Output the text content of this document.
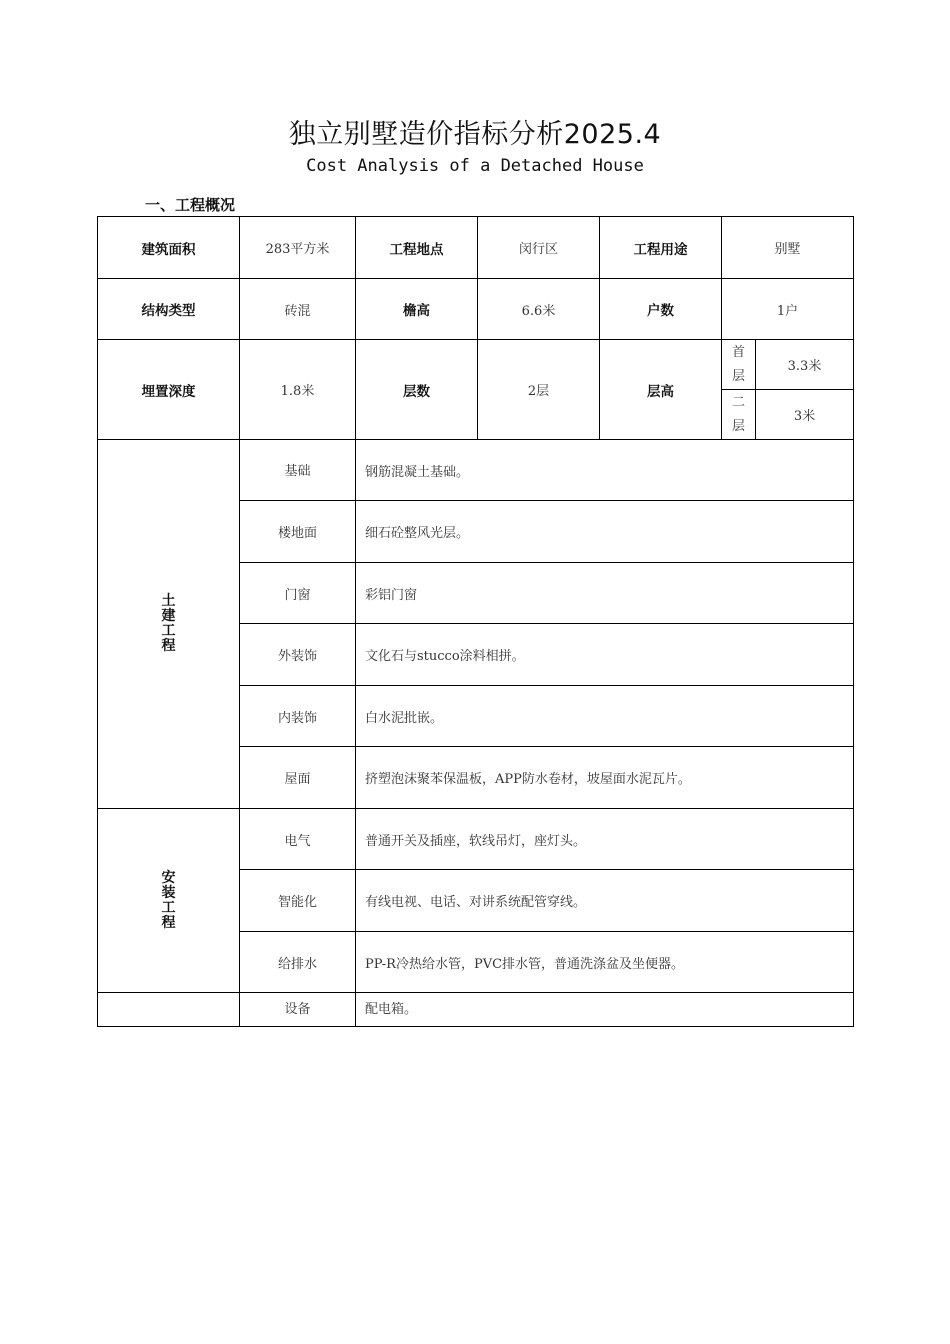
独立别墅造价指标分析2025.4
Cost Analysis of a Detached House
一、工程概况
建筑面积	283平方米	工程地点	闵行区	工程用途	别墅	
结构类型	砖混	檐高	6.6米	户数	1户	
埋置深度	1.8米	层数	2层	层高	首层	3.3米
					二层	3米
土建工程	基础	钢筋混凝土基础。				
	楼地面	细石砼整风光层。				
	门窗	彩铝门窗				
	外装饰	文化石与stucco涂料相拼。				
	内装饰	白水泥批嵌。				
	屋面	挤塑泡沫聚苯保温板，APP防水卷材，坡屋面水泥瓦片。				
安装工程	电气	普通开关及插座，软线吊灯，座灯头。				
	智能化	有线电视、电话、对讲系统配管穿线。				
	给排水	PP-R冷热给水管，PVC排水管，普通洗涤盆及坐便器。				
	设备	配电箱。				
